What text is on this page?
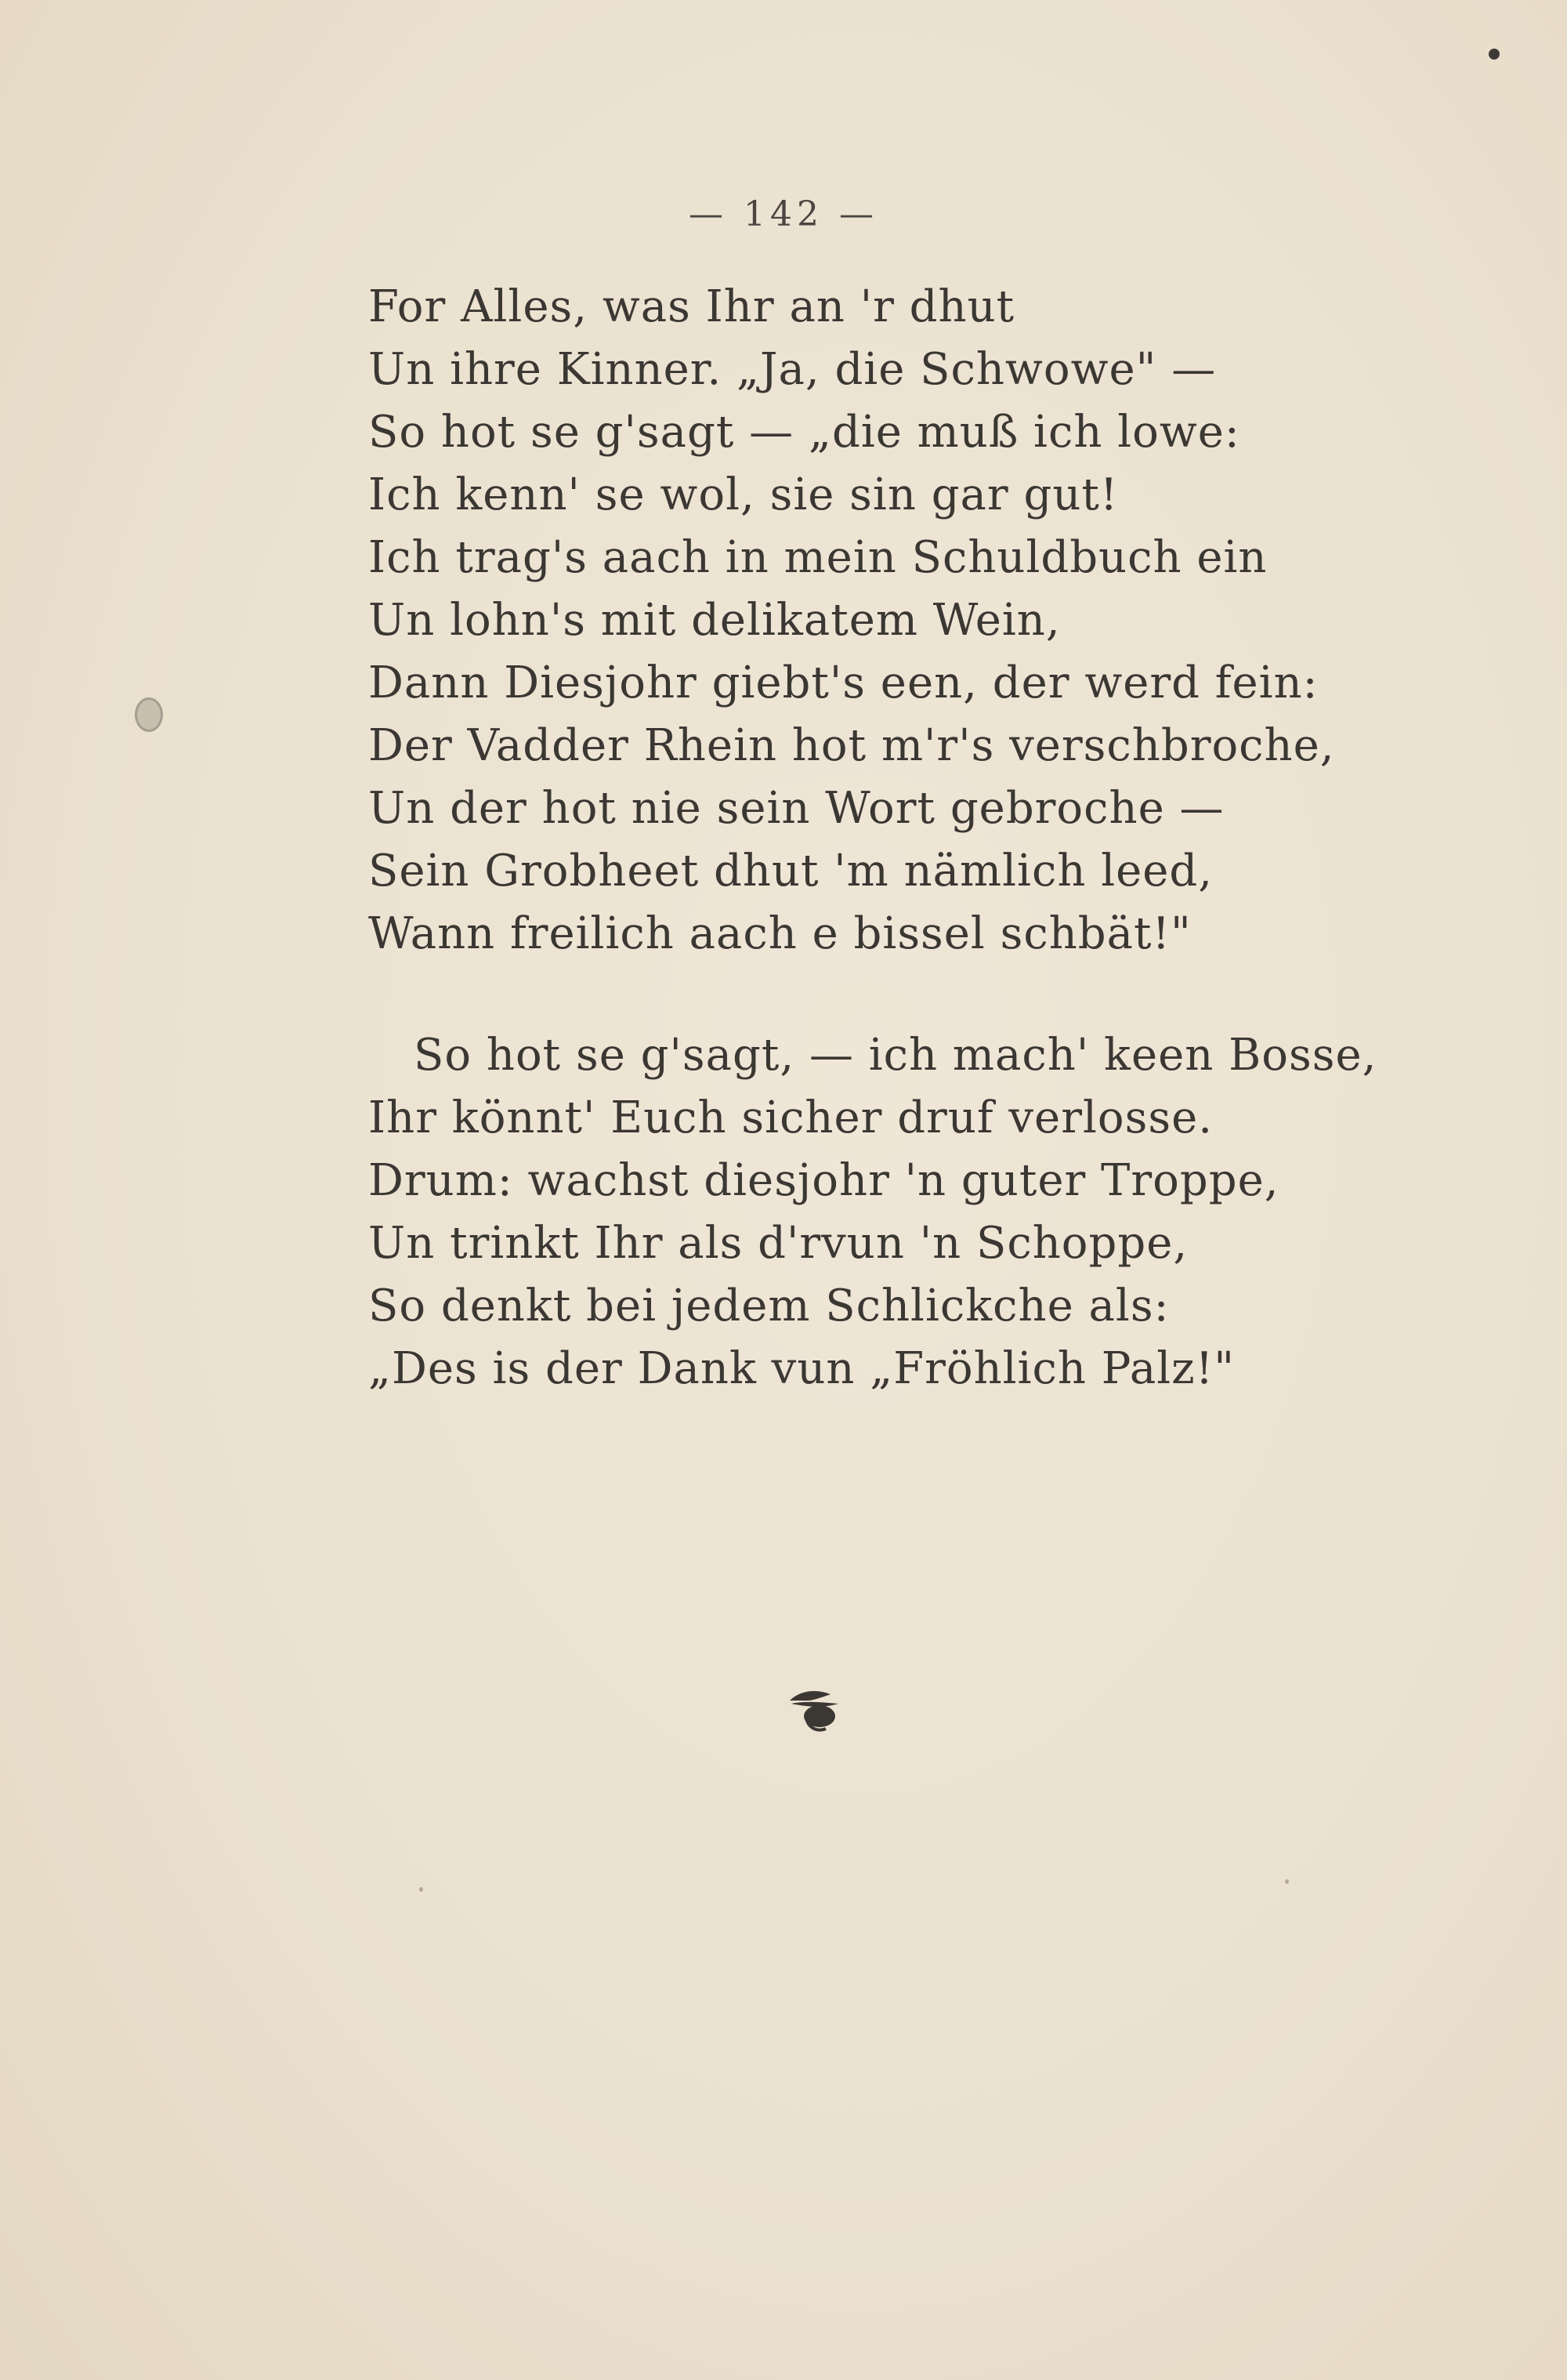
— 142 —
For Alles, was Ihr an 'r dhut
Un ihre Kinner. „Ja, die Schwowe" —
So hot se g'sagt — „die muß ich lowe:
Ich kenn' se wol, sie sin gar gut!
Ich trag's aach in mein Schuldbuch ein
Un lohn's mit delikatem Wein,
Dann Diesjohr giebt's een, der werd fein:
Der Vadder Rhein hot m'r's verschbroche,
Un der hot nie sein Wort gebroche —
Sein Grobheet dhut 'm nämlich leed,
Wann freilich aach e bissel schbät!"
So hot se g'sagt, — ich mach' keen Bosse,
Ihr könnt' Euch sicher druf verlosse.
Drum: wachst diesjohr 'n guter Troppe,
Un trinkt Ihr als d'rvun 'n Schoppe,
So denkt bei jedem Schlickche als:
„Des is der Dank vun „Fröhlich Palz!"
